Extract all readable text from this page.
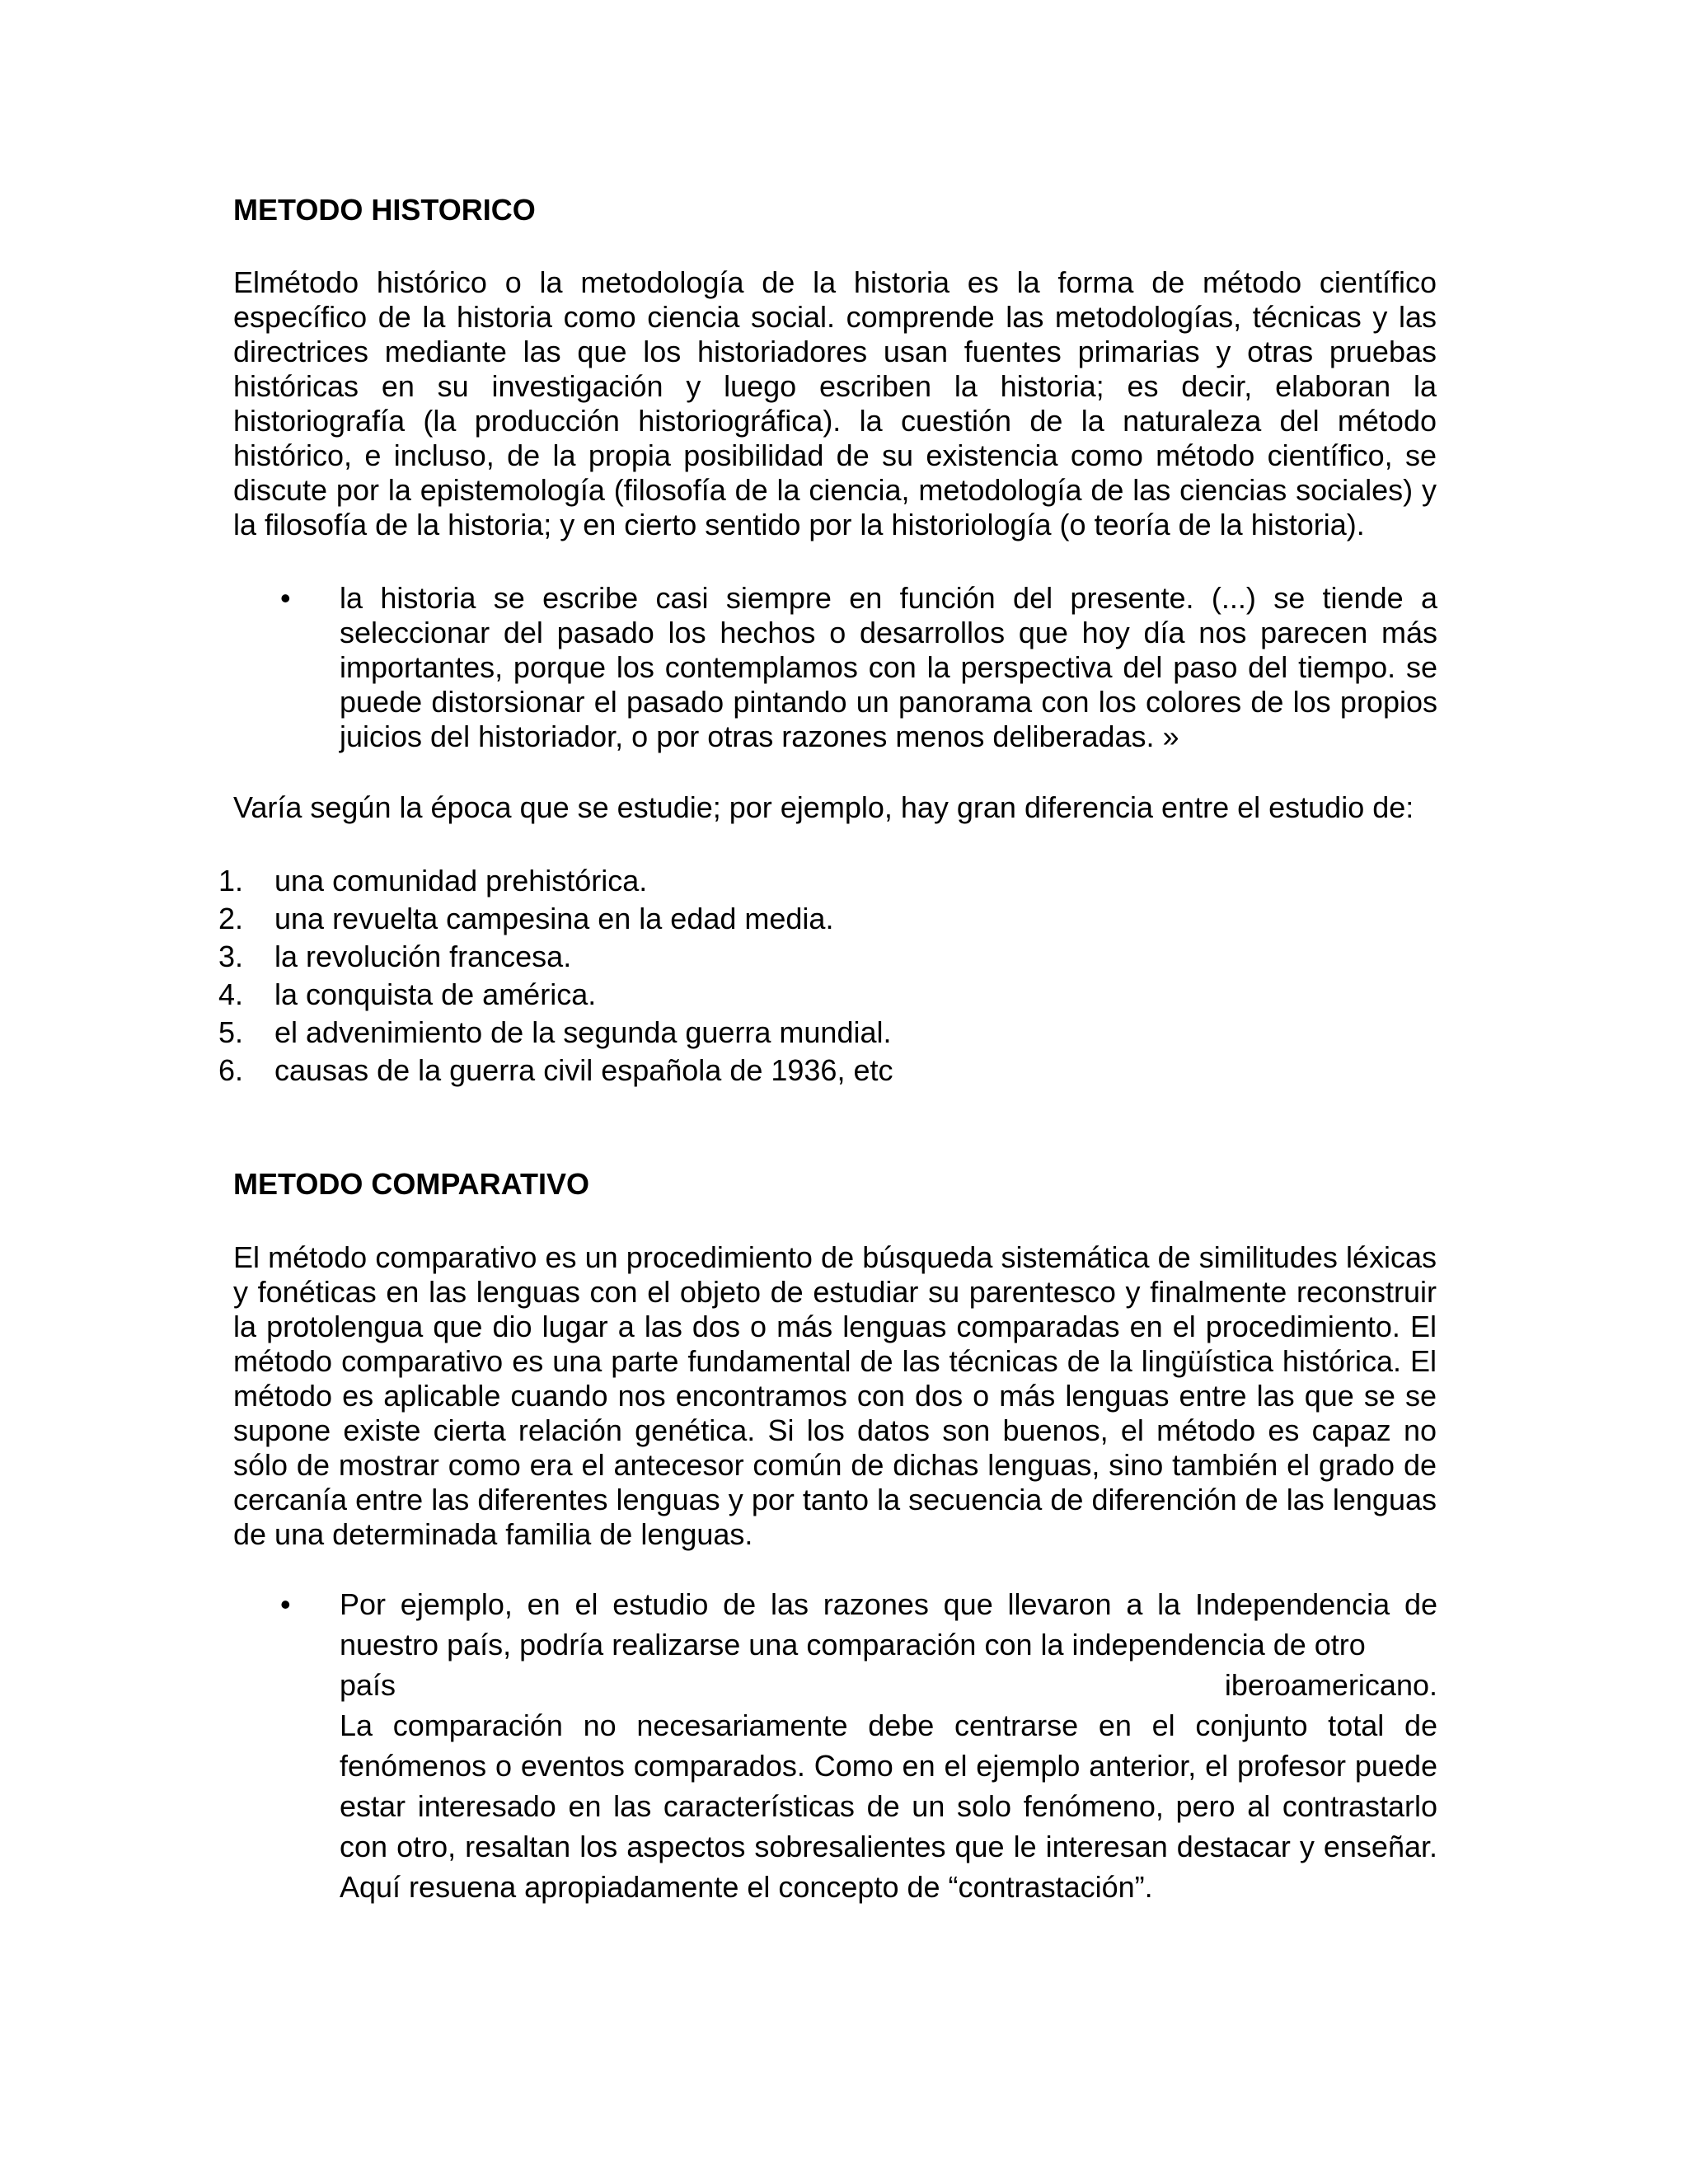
METODO HISTORICO

Elmétodo histórico o la metodología de la historia es la forma de método científico específico de la historia como ciencia social. comprende las metodologías, técnicas y las directrices mediante las que los historiadores usan fuentes primarias y otras pruebas históricas en su investigación y luego escriben la historia; es decir, elaboran la historiografía (la producción historiográfica). la cuestión de la naturaleza del método histórico, e incluso, de la propia posibilidad de su existencia como método científico, se discute por la epistemología (filosofía de la ciencia, metodología de las ciencias sociales) y la filosofía de la historia; y en cierto sentido por la historiología (o teoría de la historia).

•	la historia se escribe casi siempre en función del presente. (...) se tiende a seleccionar del pasado los hechos o desarrollos que hoy día nos parecen más importantes, porque los contemplamos con la perspectiva del paso del tiempo. se puede distorsionar el pasado pintando un panorama con los colores de los propios juicios del historiador, o por otras razones menos deliberadas. »

Varía según la época que se estudie; por ejemplo, hay gran diferencia entre el estudio de:

1. una comunidad prehistórica.
2. una revuelta campesina en la edad media.
3. la revolución francesa.
4. la conquista de américa.
5. el advenimiento de la segunda guerra mundial.
6. causas de la guerra civil española de 1936, etc
METODO COMPARATIVO

El método comparativo es un procedimiento de búsqueda sistemática de similitudes léxicas y fonéticas en las lenguas con el objeto de estudiar su parentesco y finalmente reconstruir la protolengua que dio lugar a las dos o más lenguas comparadas en el procedimiento. El método comparativo es una parte fundamental de las técnicas de la lingüística histórica. El método es aplicable cuando nos encontramos con dos o más lenguas entre las que se se supone existe cierta relación genética. Si los datos son buenos, el método es capaz no sólo de mostrar como era el antecesor común de dichas lenguas, sino también el grado de cercanía entre las diferentes lenguas y por tanto la secuencia de diferención de las lenguas de una determinada familia de lenguas.

•	Por ejemplo, en el estudio de las razones que llevaron a la Independencia de nuestro país, podría realizarse una comparación con la independencia de otro
país	iberoamericano.
La comparación no necesariamente debe centrarse en el conjunto total de fenómenos o eventos comparados. Como en el ejemplo anterior, el profesor puede estar interesado en las características de un solo fenómeno, pero al contrastarlo con otro, resaltan los aspectos sobresalientes que le interesan destacar y enseñar. Aquí resuena apropiadamente el concepto de “contrastación”.
